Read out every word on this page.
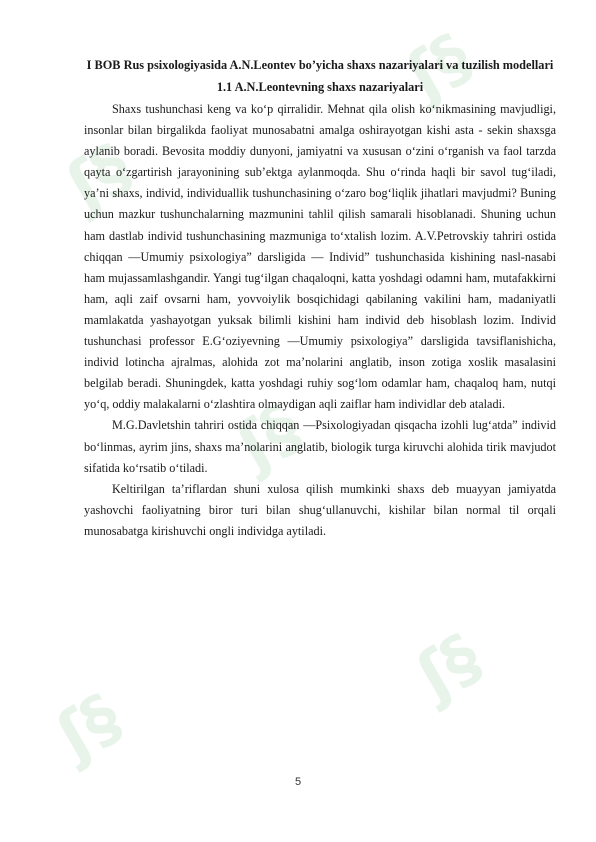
ʃ§
ʃ§
ʃ§
ʃ§
ʃ§
I BOB Rus psixologiyasida A.N.Leontev bo’yicha shaxs nazariyalari va tuzilish modellari
1.1 A.N.Leontevning shaxs nazariyalari

Shaxs tushunchasi keng va ko‘p qirralidir. Mehnat qila olish ko‘nikmasining mavjudligi, insonlar bilan birgalikda faoliyat munosabatni amalga oshirayotgan kishi asta - sekin shaxsga aylanib boradi. Bevosita moddiy dunyoni, jamiyatni va xususan o‘zini o‘rganish va faol tarzda qayta o‘zgartirish jarayonining sub’ektga aylanmoqda. Shu o‘rinda haqli bir savol tug‘iladi, ya’ni shaxs, individ, individuallik tushunchasining o‘zaro bog‘liqlik jihatlari mavjudmi? Buning uchun mazkur tushunchalarning mazmunini tahlil qilish samarali hisoblanadi. Shuning uchun ham dastlab individ tushunchasining mazmuniga to‘xtalish lozim. A.V.Petrovskiy tahriri ostida chiqqan ―Umumiy psixologiya” darsligida ― Individ” tushunchasida kishining nasl-nasabi ham mujassamlashgandir. Yangi tug‘ilgan chaqaloqni, katta yoshdagi odamni ham, mutafakkirni ham, aqli zaif ovsarni ham, yovvoiylik bosqichidagi qabilaning vakilini ham, madaniyatli mamlakatda yashayotgan yuksak bilimli kishini ham individ deb hisoblash lozim. Individ tushunchasi professor E.G‘oziyevning ―Umumiy psixologiya” darsligida tavsiflanishicha, individ lotincha ajralmas, alohida zot ma’nolarini anglatib, inson zotiga xoslik masalasini belgilab beradi. Shuningdek, katta yoshdagi ruhiy sog‘lom odamlar ham, chaqaloq ham, nutqi yo‘q, oddiy malakalarni o‘zlashtira olmaydigan aqli zaiflar ham individlar deb ataladi.

M.G.Davletshin tahriri ostida chiqqan ―Psixologiyadan qisqacha izohli lug‘atda” individ bo‘linmas, ayrim jins, shaxs ma’nolarini anglatib, biologik turga kiruvchi alohida tirik mavjudot sifatida ko‘rsatib o‘tiladi.

Keltirilgan ta’riflardan shuni xulosa qilish mumkinki shaxs deb muayyan jamiyatda yashovchi faoliyatning biror turi bilan shug‘ullanuvchi, kishilar bilan normal til orqali munosabatga kirishuvchi ongli individga aytiladi.

5
